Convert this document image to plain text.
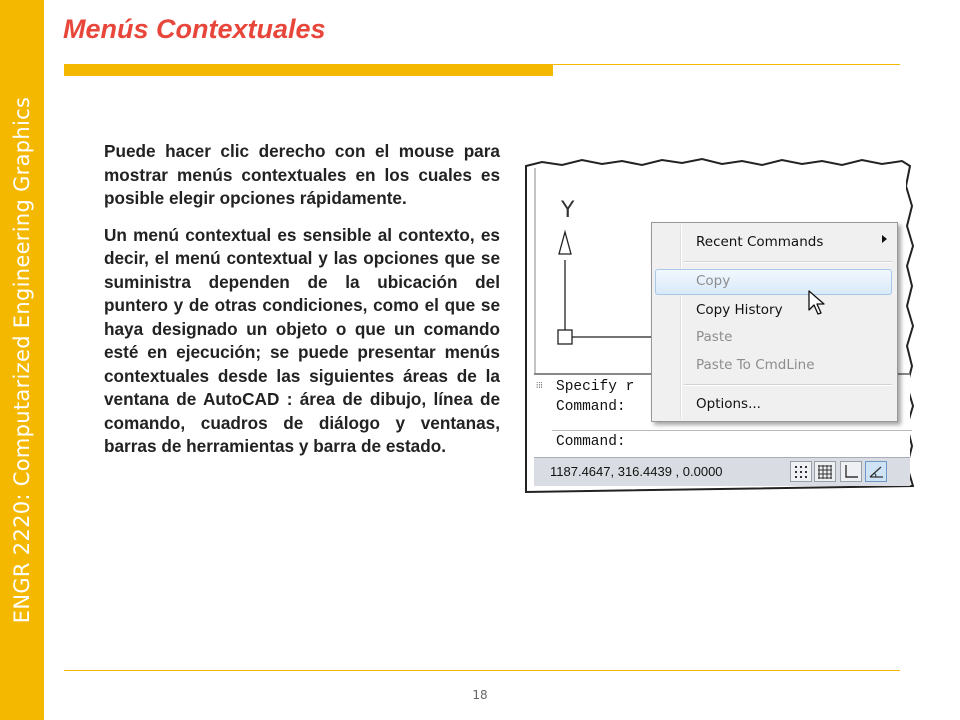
ENGR 2220: Computarized Engineering Graphics
Menús Contextuales

Puede hacer clic derecho con el mouse para mostrar menús contextuales en los cuales es posible elegir opciones rápidamente.

Un menú contextual es sensible al contexto, es decir, el menú contextual y las opciones que se suministra dependen de la ubicación del puntero y de otras condiciones, como el que se haya designado un objeto o que un comando esté en ejecución; se puede presentar menús contextuales desde las siguientes áreas de la ventana de AutoCAD : área de dibujo, línea de comando, cuadros de diálogo y ventanas, barras de herramientas y barra de estado.

Y
⁞⁞⁞ Specify r
Command:
Command:
1187.4647, 316.4439 , 0.0000
Recent Commands
Copy
Copy History
Paste
Paste To CmdLine
Options...
18
